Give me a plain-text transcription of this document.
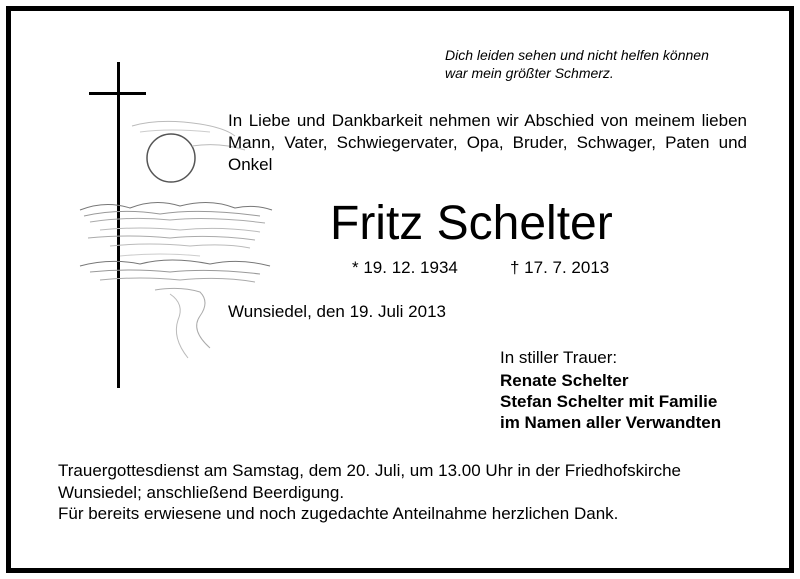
Dich leiden sehen und nicht helfen können
war mein größter Schmerz.
In Liebe und Dankbarkeit nehmen wir Abschied von meinem lieben Mann, Vater, Schwiegervater, Opa, Bruder, Schwager, Paten und Onkel
Fritz Schelter
* 19. 12. 1934	† 17. 7. 2013
Wunsiedel, den 19. Juli 2013
In stiller Trauer:
Renate Schelter
Stefan Schelter mit Familie
im Namen aller Verwandten
Trauergottesdienst am Samstag, dem 20. Juli, um 13.00 Uhr in der Friedhofskirche
Wunsiedel; anschließend Beerdigung.
Für bereits erwiesene und noch zugedachte Anteilnahme herzlichen Dank.
